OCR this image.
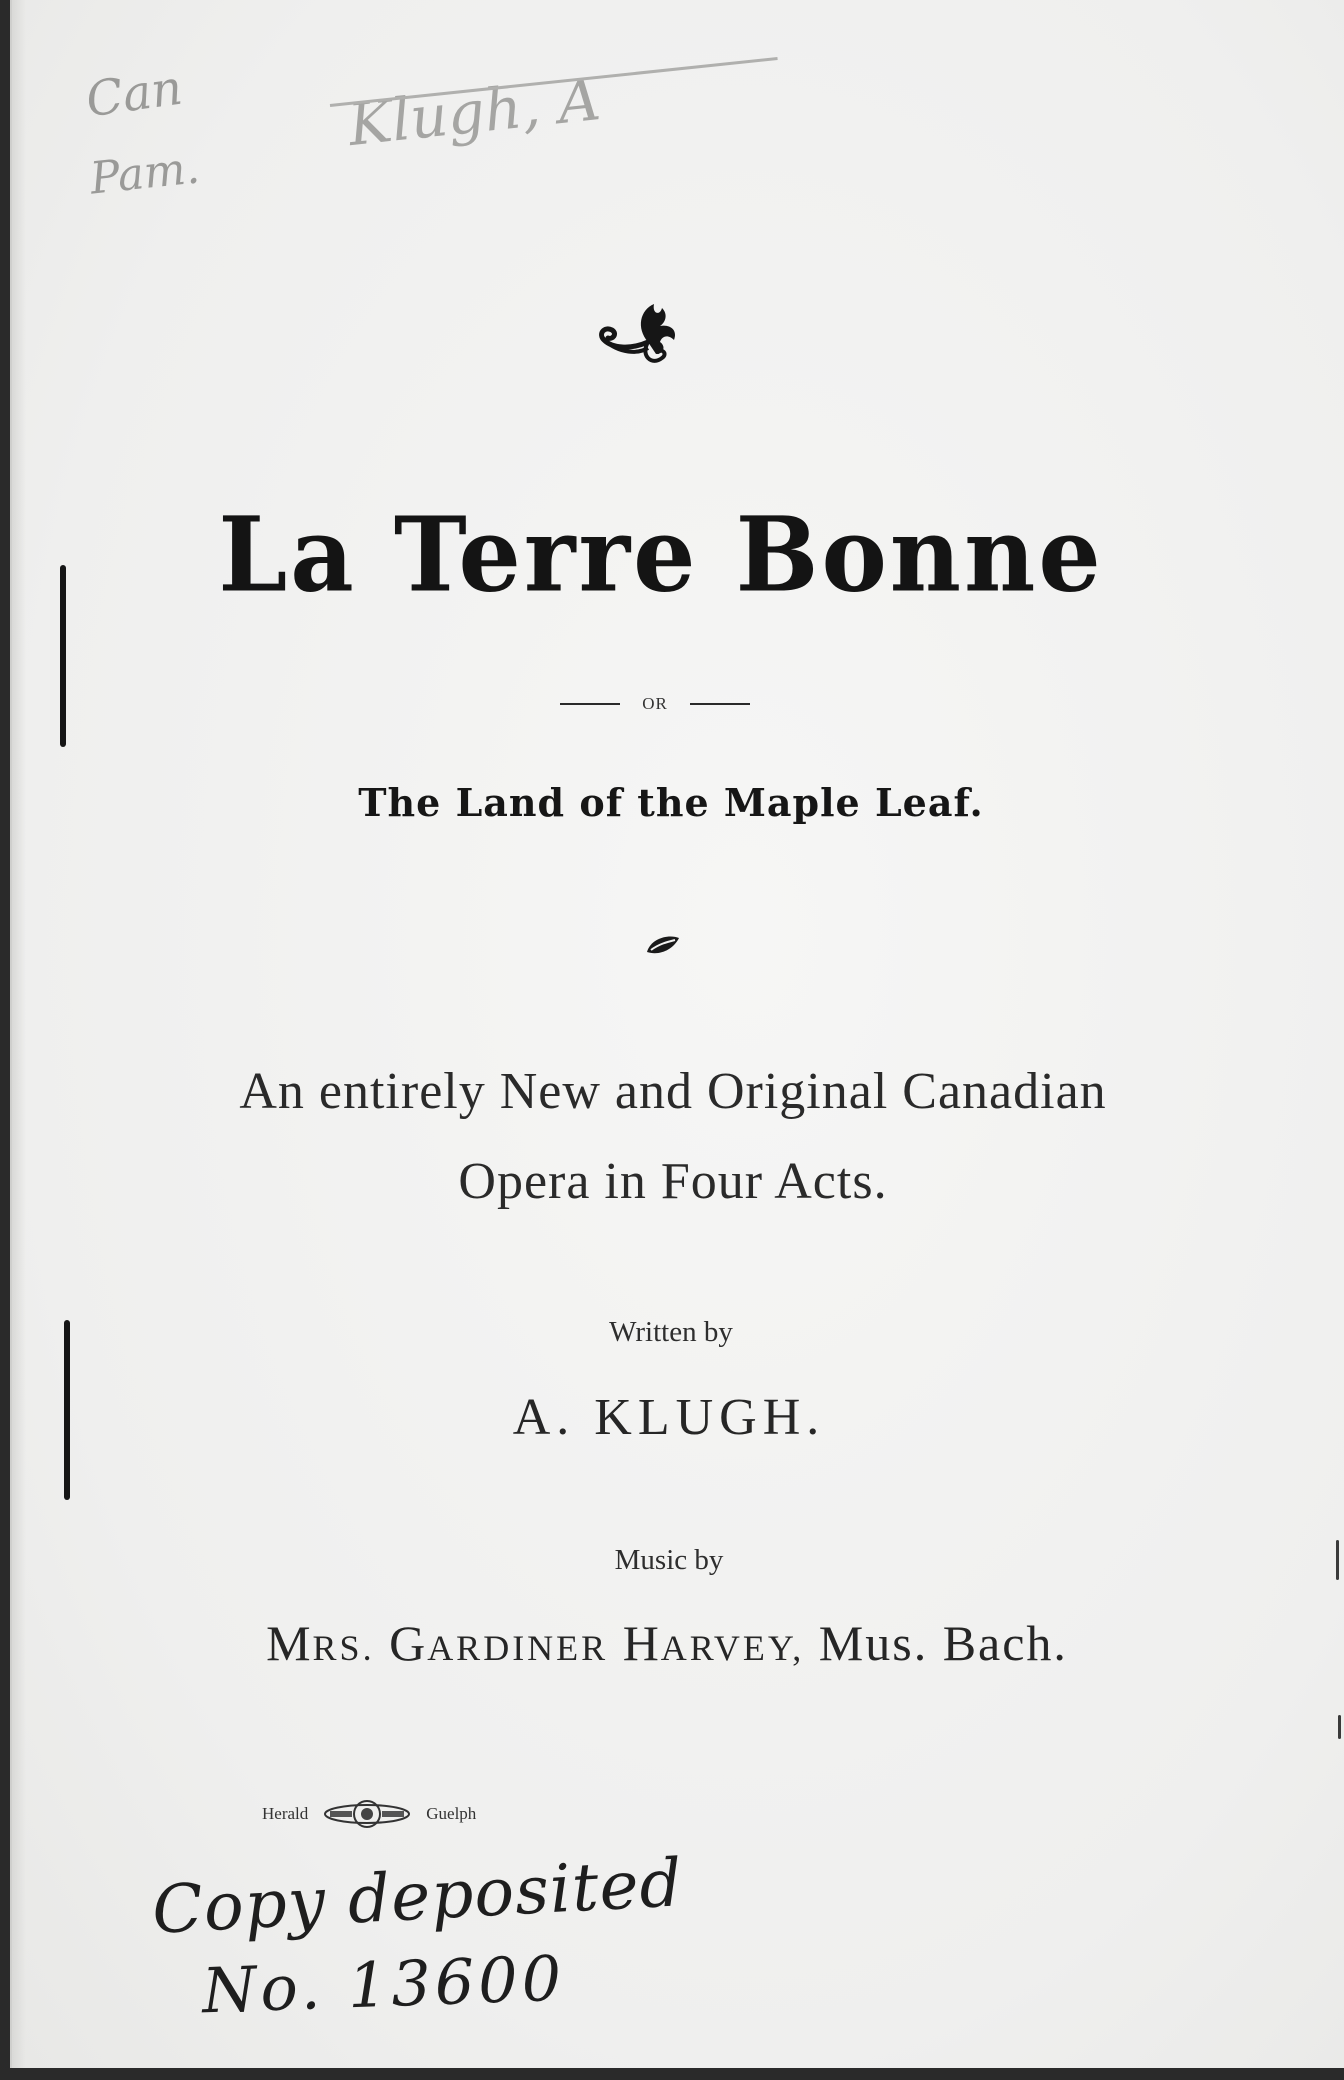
Can
Pam.
Klugh, A
La Terre Bonne
OR
The Land of the Maple Leaf.
An entirely New and Original Canadian
Opera in Four Acts.
Written by
A. KLUGH.
Music by
MRS. GARDINER HARVEY, Mus. Bach.
Herald	Guelph
Copy deposited
No. 13600
